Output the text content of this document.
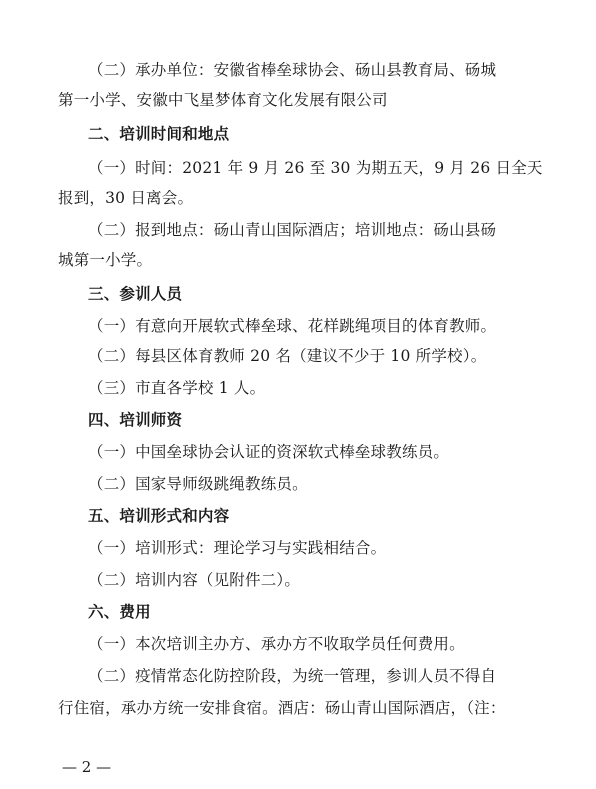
（二）承办单位：安徽省棒垒球协会、砀山县教育局、砀城
第一小学、安徽中飞星梦体育文化发展有限公司
二、培训时间和地点
（一）时间：2021 年 9 月 26 至 30 为期五天，9 月 26 日全天
报到，30 日离会。
（二）报到地点：砀山青山国际酒店；培训地点：砀山县砀
城第一小学。
三、参训人员
（一）有意向开展软式棒垒球、花样跳绳项目的体育教师。
（二）每县区体育教师 20 名（建议不少于 10 所学校）。
（三）市直各学校 1 人。
四、培训师资
（一）中国垒球协会认证的资深软式棒垒球教练员。
（二）国家导师级跳绳教练员。
五、培训形式和内容
（一）培训形式：理论学习与实践相结合。
（二）培训内容（见附件二）。
六、费用
（一）本次培训主办方、承办方不收取学员任何费用。
（二）疫情常态化防控阶段，为统一管理，参训人员不得自
行住宿，承办方统一安排食宿。酒店：砀山青山国际酒店，（注：
— 2 —
